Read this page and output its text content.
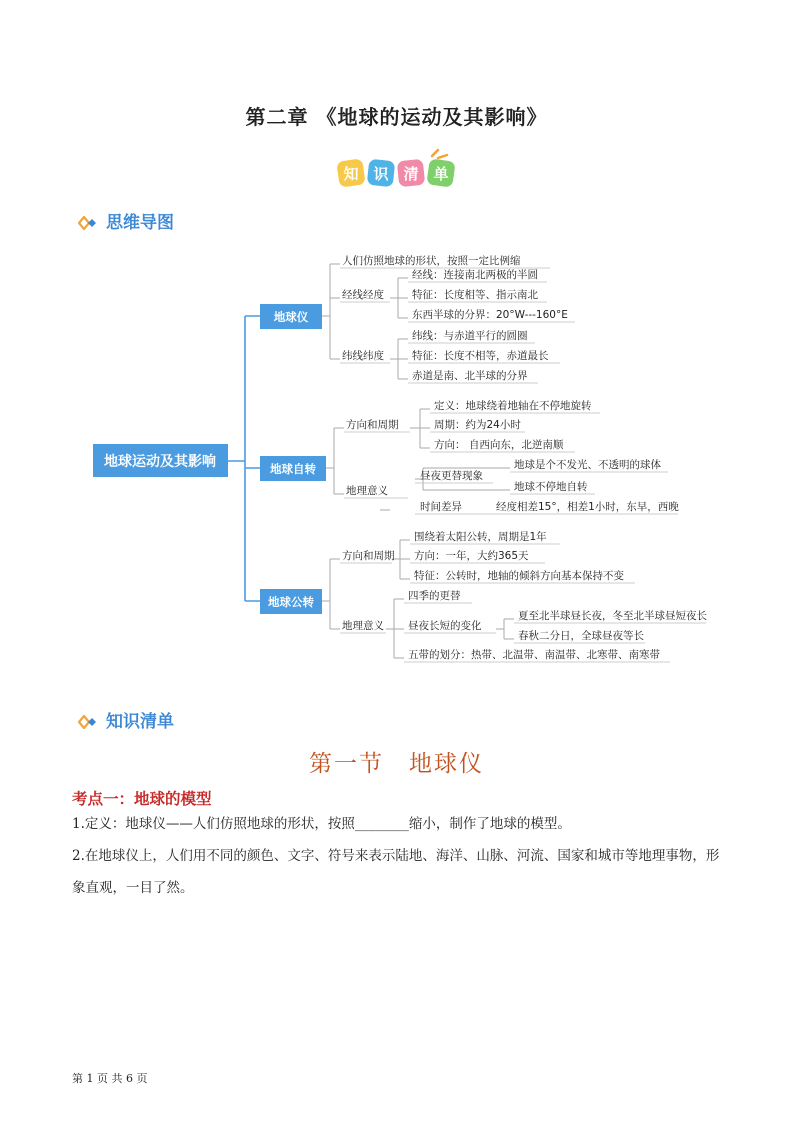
第二章 《地球的运动及其影响》
知 识 清 单
思维导图
地球运动及其影响
地球仪
地球自转
地球公转
人们仿照地球的形状，按照一定比例缩
经线经度
经线：连接南北两极的半圆
特征：长度相等、指示南北
东西半球的分界：20°W---160°E
纬线纬度
纬线：与赤道平行的圆圈
特征：长度不相等，赤道最长
赤道是南、北半球的分界
方向和周期
定义：地球绕着地轴在不停地旋转
周期：约为24小时
方向： 自西向东，北逆南顺
地理意义
昼夜更替现象
地球是个不发光、不透明的球体
地球不停地自转
时间差异	经度相差15°，相差1小时，东早，西晚
方向和周期
围绕着太阳公转，周期是1年
方向：一年，大约365天
特征：公转时，地轴的倾斜方向基本保持不变
地理意义
四季的更替
昼夜长短的变化
夏至北半球昼长夜，冬至北半球昼短夜长
春秋二分日，全球昼夜等长
五带的划分：热带、北温带、南温带、北寒带、南寒带
知识清单
第一节　地球仪
考点一：地球的模型
1.定义：地球仪——人们仿照地球的形状，按照________缩小，制作了地球的模型。
2.在地球仪上，人们用不同的颜色、文字、符号来表示陆地、海洋、山脉、河流、国家和城市等地理事物，形象直观，一目了然。
第 1 页 共 6 页
